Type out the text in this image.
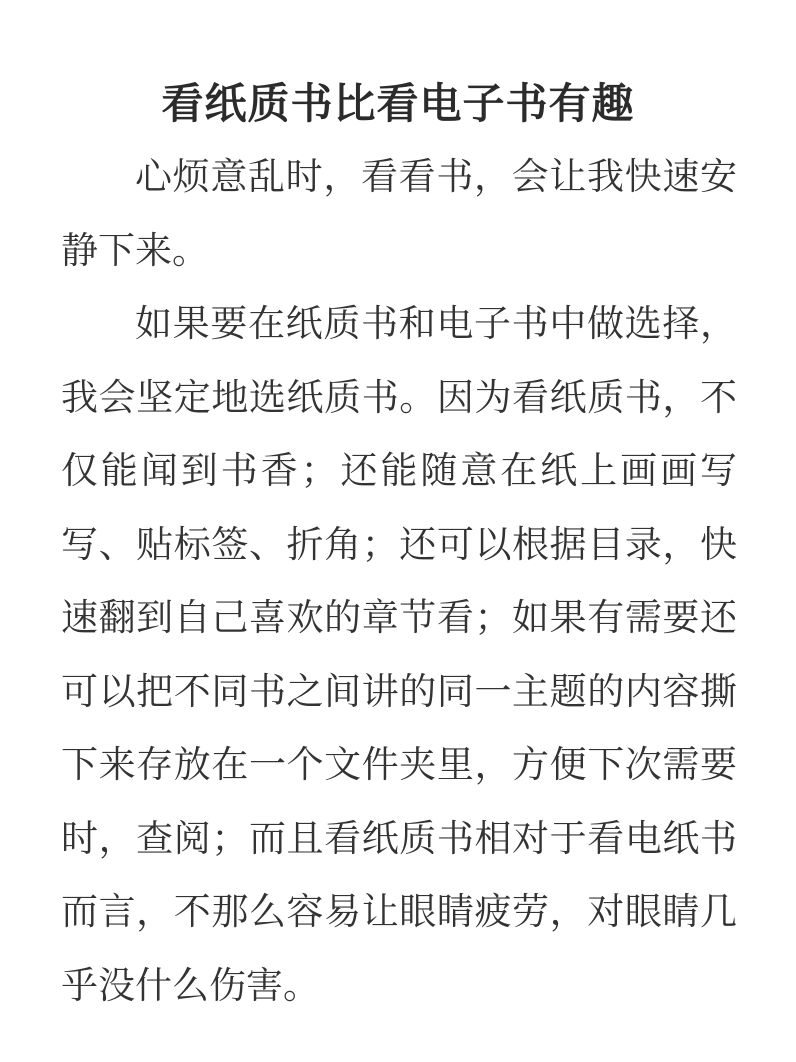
看纸质书比看电子书有趣

心烦意乱时，看看书，会让我快速安静下来。

如果要在纸质书和电子书中做选择，我会坚定地选纸质书。因为看纸质书，不仅能闻到书香；还能随意在纸上画画写写、贴标签、折角；还可以根据目录，快速翻到自己喜欢的章节看；如果有需要还可以把不同书之间讲的同一主题的内容撕下来存放在一个文件夹里，方便下次需要时，查阅；而且看纸质书相对于看电纸书而言，不那么容易让眼睛疲劳，对眼睛几乎没什么伤害。
